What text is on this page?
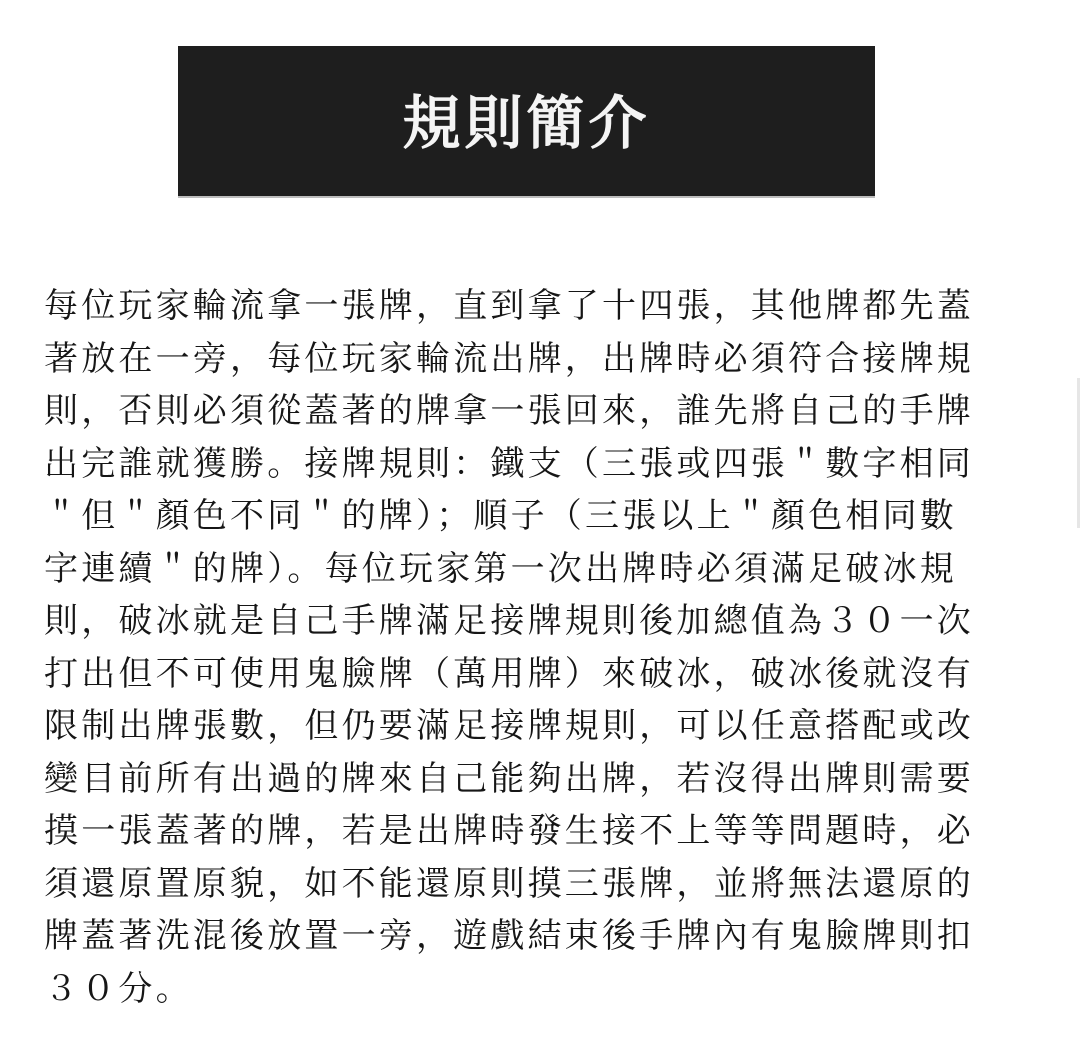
規則簡介

每位玩家輪流拿一張牌，直到拿了十四張，其他牌都先蓋
著放在一旁，每位玩家輪流出牌，出牌時必須符合接牌規
則，否則必須從蓋著的牌拿一張回來，誰先將自己的手牌
出完誰就獲勝。接牌規則：鐵支（三張或四張＂數字相同
＂但＂顏色不同＂的牌）；順子（三張以上＂顏色相同數
字連續＂的牌）。每位玩家第一次出牌時必須滿足破冰規
則，破冰就是自己手牌滿足接牌規則後加總值為３０一次
打出但不可使用鬼臉牌（萬用牌）來破冰，破冰後就沒有
限制出牌張數，但仍要滿足接牌規則，可以任意搭配或改
變目前所有出過的牌來自己能夠出牌，若沒得出牌則需要
摸一張蓋著的牌，若是出牌時發生接不上等等問題時，必
須還原置原貌，如不能還原則摸三張牌，並將無法還原的
牌蓋著洗混後放置一旁，遊戲結束後手牌內有鬼臉牌則扣
３０分。
